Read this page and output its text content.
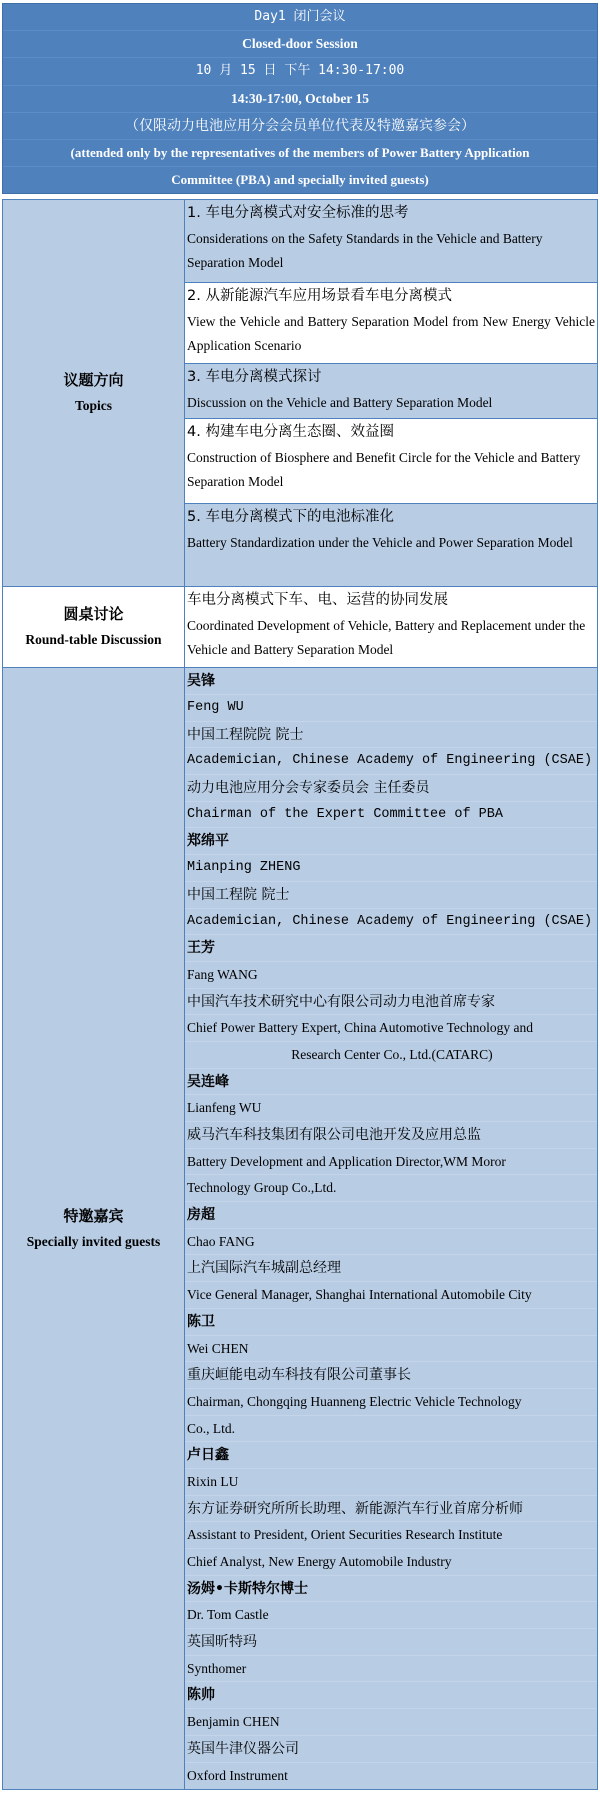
Day1 闭门会议
Closed-door Session
10 月 15 日 下午 14:30-17:00
14:30-17:00, October 15
（仅限动力电池应用分会会员单位代表及特邀嘉宾参会）
(attended only by the representatives of the members of Power Battery Application
Committee (PBA) and specially invited guests)
议题方向
Topics
1. 车电分离模式对安全标准的思考
Considerations on the Safety Standards in the Vehicle and Battery Separation Model
2. 从新能源汽车应用场景看车电分离模式
View the Vehicle and Battery Separation Model from New Energy Vehicle Application Scenario
3. 车电分离模式探讨
Discussion on the Vehicle and Battery Separation Model
4. 构建车电分离生态圈、效益圈
Construction of Biosphere and Benefit Circle for the Vehicle and Battery Separation Model
5. 车电分离模式下的电池标准化
Battery Standardization under the Vehicle and Power Separation Model
圆桌讨论
Round-table Discussion
车电分离模式下车、电、运营的协同发展
Coordinated Development of Vehicle, Battery and Replacement under the Vehicle and Battery Separation Model
特邀嘉宾
Specially invited guests
吴锋
Feng WU
中国工程院院 院士
Academician, Chinese Academy of Engineering (CSAE)
动力电池应用分会专家委员会 主任委员
Chairman of the Expert Committee of PBA
郑绵平
Mianping ZHENG
中国工程院 院士
Academician, Chinese Academy of Engineering (CSAE)
王芳
Fang WANG
中国汽车技术研究中心有限公司动力电池首席专家
Chief Power Battery Expert, China Automotive Technology and
Research Center Co., Ltd.(CATARC)
吴连峰
Lianfeng WU
威马汽车科技集团有限公司电池开发及应用总监
Battery Development and Application Director,WM Moror
Technology Group Co.,Ltd.
房超
Chao FANG
上汽国际汽车城副总经理
Vice General Manager, Shanghai International Automobile City
陈卫
Wei CHEN
重庆峘能电动车科技有限公司董事长
Chairman, Chongqing Huanneng Electric Vehicle Technology
Co., Ltd.
卢日鑫
Rixin LU
东方证券研究所所长助理、新能源汽车行业首席分析师
Assistant to President, Orient Securities Research Institute
Chief Analyst, New Energy Automobile Industry
汤姆•卡斯特尔博士
Dr. Tom Castle
英国昕特玛
Synthomer
陈帅
Benjamin CHEN
英国牛津仪器公司
Oxford Instrument
